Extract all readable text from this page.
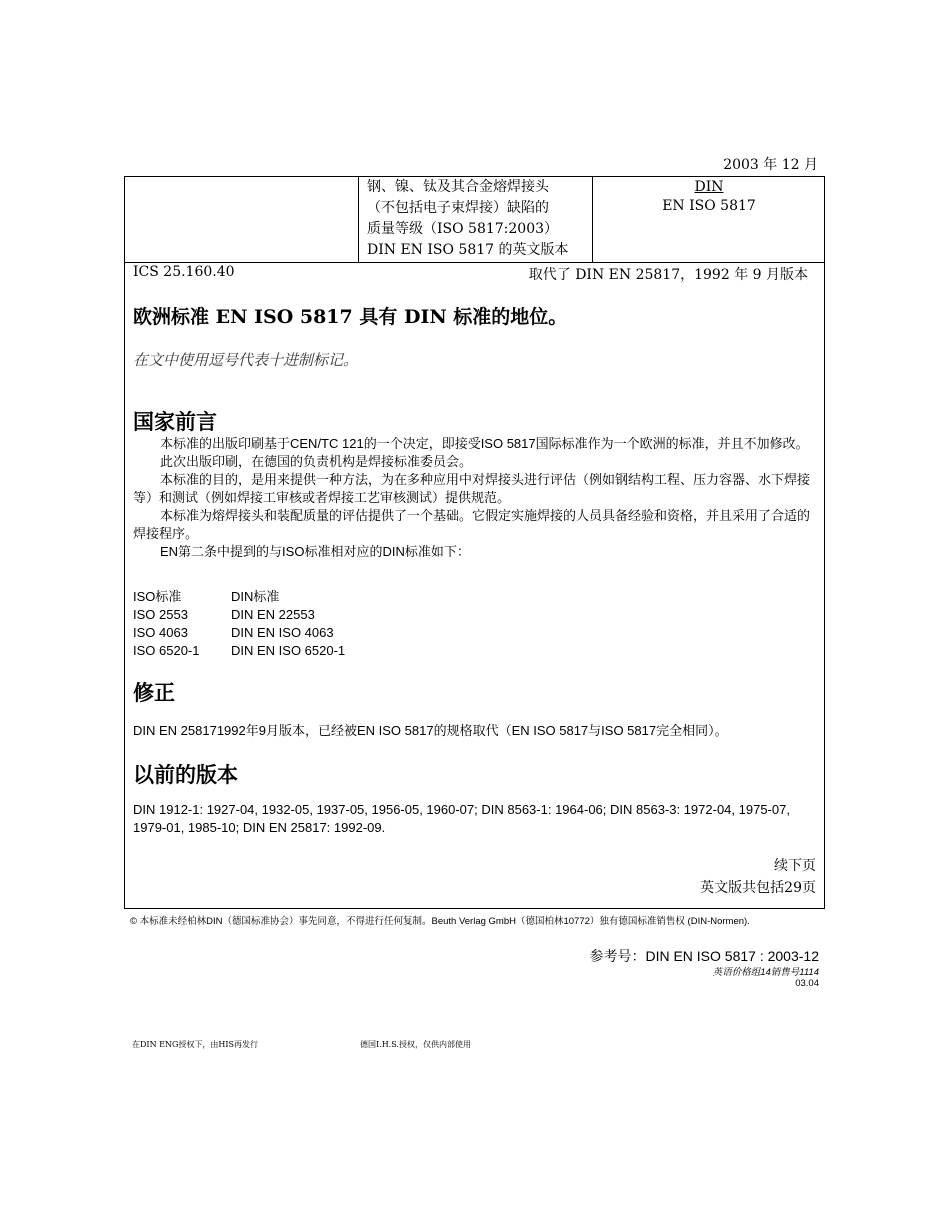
2003 年 12 月
钢、镍、钛及其合金熔焊接头
（不包括电子束焊接）缺陷的
质量等级（ISO 5817:2003）
DIN EN ISO 5817 的英文版本
DIN
EN ISO 5817
ICS 25.160.40	取代了 DIN EN 25817，1992 年 9 月版本
欧洲标准 EN ISO 5817 具有 DIN 标准的地位。
在文中使用逗号代表十进制标记。
国家前言

本标准的出版印刷基于CEN/TC 121的一个决定，即接受ISO 5817国际标准作为一个欧洲的标准，并且不加修改。

此次出版印刷，在德国的负责机构是焊接标准委员会。

本标准的目的，是用来提供一种方法，为在多种应用中对焊接头进行评估（例如钢结构工程、压力容器、水下焊接等）和测试（例如焊接工审核或者焊接工艺审核测试）提供规范。

本标准为熔焊接头和装配质量的评估提供了一个基础。它假定实施焊接的人员具备经验和资格，并且采用了合适的焊接程序。

EN第二条中提到的与ISO标准相对应的DIN标准如下：

ISO标准	DIN标准
ISO 2553	DIN EN 22553
ISO 4063	DIN EN ISO 4063
ISO 6520-1	DIN EN ISO 6520-1
修正
DIN EN 258171992年9月版本，已经被EN ISO 5817的规格取代（EN ISO 5817与ISO 5817完全相同）。
以前的版本
DIN 1912-1: 1927-04, 1932-05, 1937-05, 1956-05, 1960-07; DIN 8563-1: 1964-06; DIN 8563-3: 1972-04, 1975-07, 1979-01, 1985-10; DIN EN 25817: 1992-09.
续下页
英文版共包括29页
© 本标准未经柏林DIN（德国标准协会）事先同意，不得进行任何复制。Beuth Verlag GmbH（德国柏林10772）独有德国标准销售权 (DIN-Normen).
参考号：DIN EN ISO 5817 : 2003-12
英语价格组14销售号1114
03.04
在DIN ENG授权下，由HIS再发行	德国I.H.S.授权，仅供内部使用
